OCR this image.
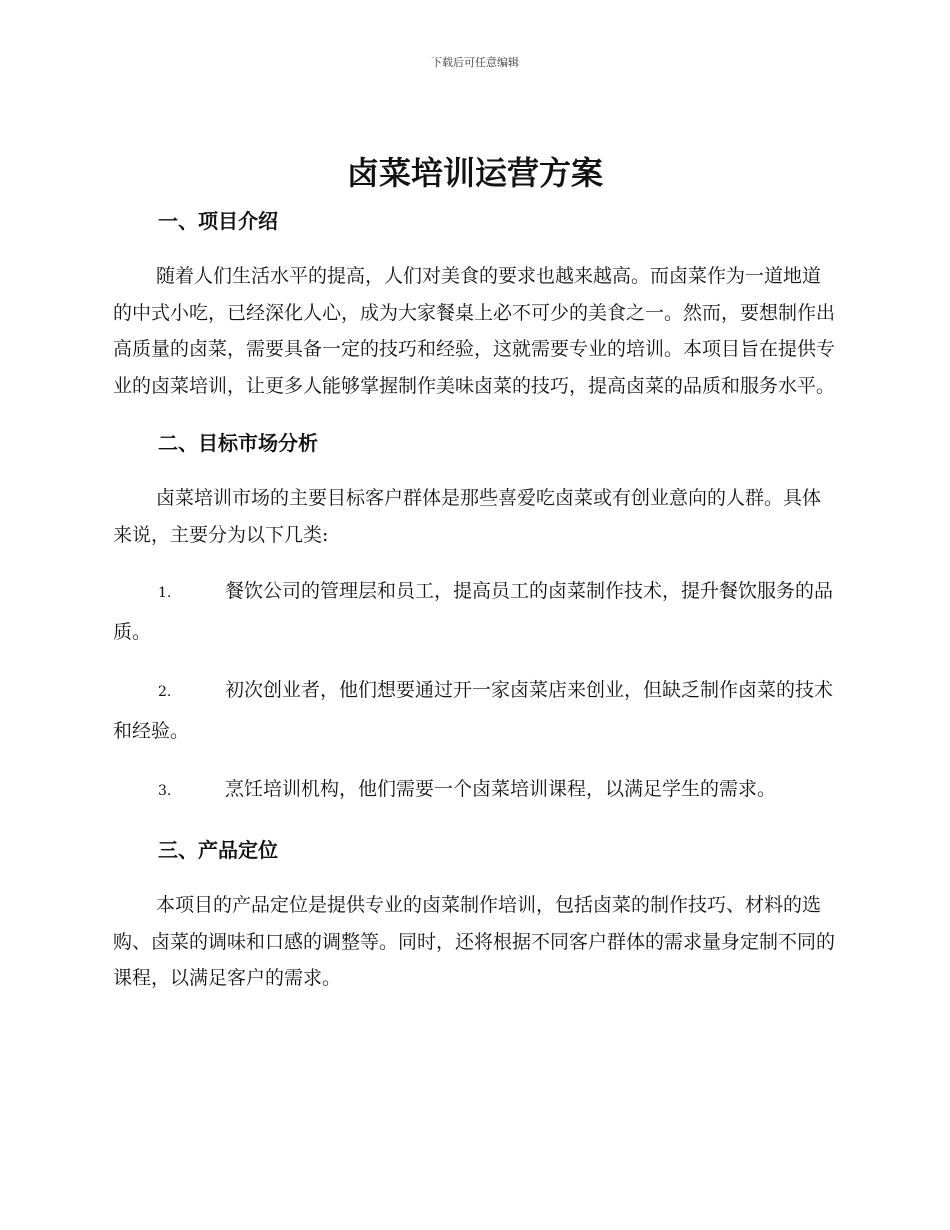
下载后可任意编辑
卤菜培训运营方案
一、项目介绍

随着人们生活水平的提高，人们对美食的要求也越来越高。而卤菜作为一道地道的中式小吃，已经深化人心，成为大家餐桌上必不可少的美食之一。然而，要想制作出高质量的卤菜，需要具备一定的技巧和经验，这就需要专业的培训。本项目旨在提供专业的卤菜培训，让更多人能够掌握制作美味卤菜的技巧，提高卤菜的品质和服务水平。

二、目标市场分析

卤菜培训市场的主要目标客户群体是那些喜爱吃卤菜或有创业意向的人群。具体来说，主要分为以下几类:

1.	餐饮公司的管理层和员工，提高员工的卤菜制作技术，提升餐饮服务的品质。

2.	初次创业者，他们想要通过开一家卤菜店来创业，但缺乏制作卤菜的技术和经验。

3.	烹饪培训机构，他们需要一个卤菜培训课程，以满足学生的需求。

三、产品定位

本项目的产品定位是提供专业的卤菜制作培训，包括卤菜的制作技巧、材料的选购、卤菜的调味和口感的调整等。同时，还将根据不同客户群体的需求量身定制不同的课程，以满足客户的需求。
